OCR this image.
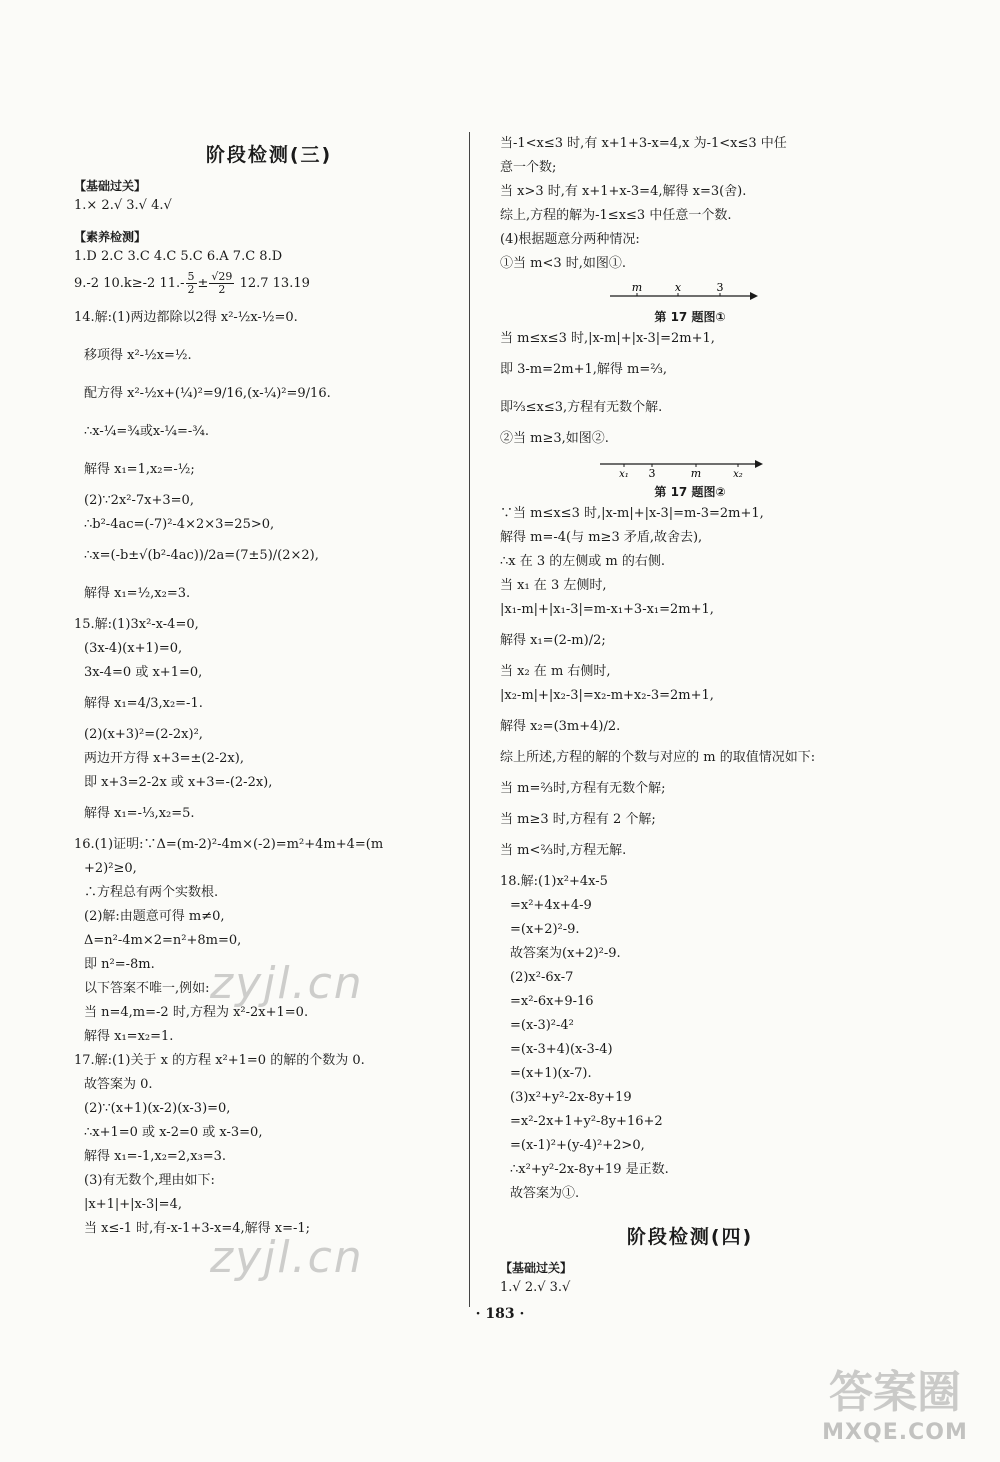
阶段检测(三)
【基础过关】
1.× 2.√ 3.√ 4.√
【素养检测】
1.D 2.C 3.C 4.C 5.C 6.A 7.C 8.D
9.-2 10.k≥-2 $11.- \frac{5}{2} \pm \frac{√29}{2} 12.7$ 13.19
14.解:(1)两边都除以2得 x²-½x-½=0.
移项得 x²-½x=½.
配方得 x²-½x+(¼)²=9/16,(x-¼)²=9/16.
∴x-¼=¾或x-¼=-¾.
解得 x₁=1,x₂=-½;
(2)∵2x²-7x+3=0,
∴b²-4ac=(-7)²-4×2×3=25>0,
∴x=(-b±√(b²-4ac))/2a=(7±5)/(2×2),
解得 x₁=½,x₂=3.
15.解:(1)3x²-x-4=0,
(3x-4)(x+1)=0,
3x-4=0 或 x+1=0,
解得 x₁=4/3,x₂=-1.
(2)(x+3)²=(2-2x)²,
两边开方得 x+3=±(2-2x),
即 x+3=2-2x 或 x+3=-(2-2x),
解得 x₁=-⅓,x₂=5.
16.(1)证明:∵Δ=(m-2)²-4m×(-2)=m²+4m+4=(m
+2)²≥0,
∴方程总有两个实数根.
(2)解:由题意可得 m≠0,
Δ=n²-4m×2=n²+8m=0,
即 n²=-8m.
以下答案不唯一,例如:
当 n=4,m=-2 时,方程为 x²-2x+1=0.
解得 x₁=x₂=1.
17.解:(1)关于 x 的方程 x²+1=0 的解的个数为 0.
故答案为 0.
(2)∵(x+1)(x-2)(x-3)=0,
∴x+1=0 或 x-2=0 或 x-3=0,
解得 x₁=-1,x₂=2,x₃=3.
(3)有无数个,理由如下:
|x+1|+|x-3|=4,
当 x≤-1 时,有-x-1+3-x=4,解得 x=-1;
当-1<x≤3 时,有 x+1+3-x=4,x 为-1<x≤3 中任
意一个数;
当 x>3 时,有 x+1+x-3=4,解得 x=3(舍).
综上,方程的解为-1≤x≤3 中任意一个数.
(4)根据题意分两种情况:
①当 m<3 时,如图①.
m	x	3
第 17 题图①
当 m≤x≤3 时,|x-m|+|x-3|=2m+1,
即 3-m=2m+1,解得 m=⅔,
即⅔≤x≤3,方程有无数个解.
②当 m≥3,如图②.
x₁ 3	m	x₂
第 17 题图②
∵当 m≤x≤3 时,|x-m|+|x-3|=m-3=2m+1,
解得 m=-4(与 m≥3 矛盾,故舍去),
∴x 在 3 的左侧或 m 的右侧.
当 x₁ 在 3 左侧时,
|x₁-m|+|x₁-3|=m-x₁+3-x₁=2m+1,
解得 x₁=(2-m)/2;
当 x₂ 在 m 右侧时,
|x₂-m|+|x₂-3|=x₂-m+x₂-3=2m+1,
解得 x₂=(3m+4)/2.
综上所述,方程的解的个数与对应的 m 的取值情况如下:
当 m=⅔时,方程有无数个解;
当 m≥3 时,方程有 2 个解;
当 m<⅔时,方程无解.
18.解:(1)x²+4x-5
=x²+4x+4-9
=(x+2)²-9.
故答案为(x+2)²-9.
(2)x²-6x-7
=x²-6x+9-16
=(x-3)²-4²
=(x-3+4)(x-3-4)
=(x+1)(x-7).
(3)x²+y²-2x-8y+19
=x²-2x+1+y²-8y+16+2
=(x-1)²+(y-4)²+2>0,
∴x²+y²-2x-8y+19 是正数.
故答案为①.
阶段检测(四)
【基础过关】
1.√ 2.√ 3.√
zyjl.cn
zyjl.cn
· 183 ·
答案圈
MXQE.COM
